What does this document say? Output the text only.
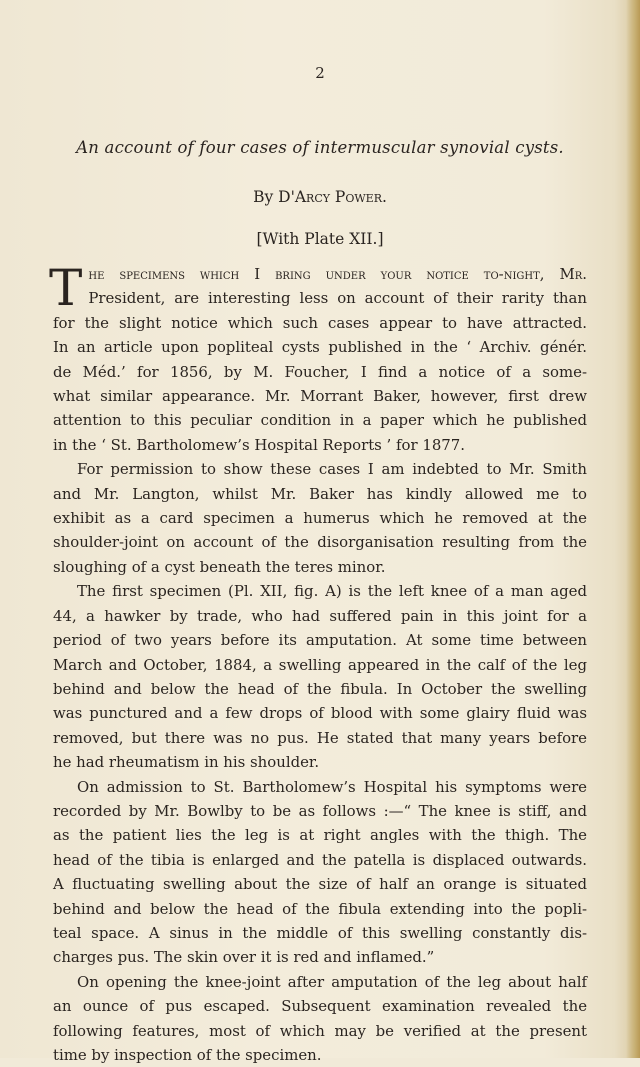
2

An account of four cases of intermuscular synovial cysts.

By D'Arcy Power.

[With Plate XII.]

T he specimens which I bring under your notice to-night, Mr.
President, are interesting less on account of their rarity than
for the slight notice which such cases appear to have attracted.
In an article upon popliteal cysts published in the ‘ Archiv. génér.
de Méd.’ for 1856, by M. Foucher, I find a notice of a some-
what similar appearance. Mr. Morrant Baker, however, first drew
attention to this peculiar condition in a paper which he published
in the ‘ St. Bartholomew’s Hospital Reports ’ for 1877.
For permission to show these cases I am indebted to Mr. Smith
and Mr. Langton, whilst Mr. Baker has kindly allowed me to
exhibit as a card specimen a humerus which he removed at the
shoulder-joint on account of the disorganisation resulting from the
sloughing of a cyst beneath the teres minor.
The first specimen (Pl. XII, fig. A) is the left knee of a man aged
44, a hawker by trade, who had suffered pain in this joint for a
period of two years before its amputation. At some time between
March and October, 1884, a swelling appeared in the calf of the leg
behind and below the head of the fibula. In October the swelling
was punctured and a few drops of blood with some glairy fluid was
removed, but there was no pus. He stated that many years before
he had rheumatism in his shoulder.
On admission to St. Bartholomew’s Hospital his symptoms were
recorded by Mr. Bowlby to be as follows :—“ The knee is stiff, and
as the patient lies the leg is at right angles with the thigh. The
head of the tibia is enlarged and the patella is displaced outwards.
A fluctuating swelling about the size of half an orange is situated
behind and below the head of the fibula extending into the popli-
teal space. A sinus in the middle of this swelling constantly dis-
charges pus. The skin over it is red and inflamed.”
On opening the knee-joint after amputation of the leg about half
an ounce of pus escaped. Subsequent examination revealed the
following features, most of which may be verified at the present
time by inspection of the specimen.
